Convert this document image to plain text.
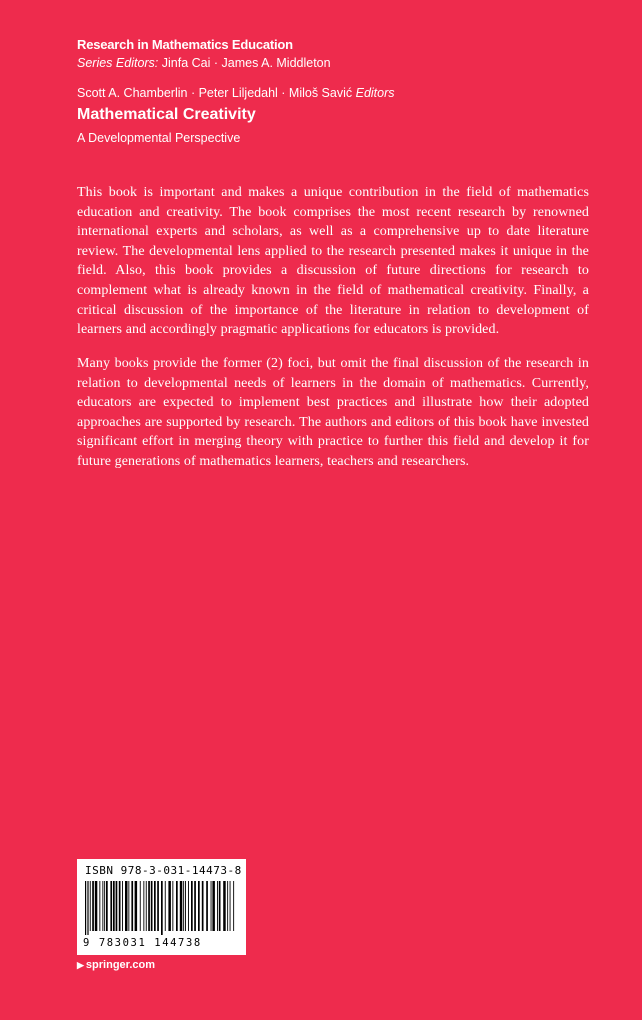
Research in Mathematics Education
Series Editors: Jinfa Cai · James A. Middleton
Scott A. Chamberlin · Peter Liljedahl · Miloš Savić Editors
Mathematical Creativity
A Developmental Perspective

This book is important and makes a unique contribution in the field of mathematics education and creativity. The book comprises the most recent research by renowned international experts and scholars, as well as a comprehensive up to date literature review. The developmental lens applied to the research presented makes it unique in the field. Also, this book provides a discussion of future directions for research to complement what is already known in the field of mathematical creativity. Finally, a critical discussion of the importance of the literature in relation to development of learners and accordingly pragmatic applications for educators is provided.

Many books provide the former (2) foci, but omit the final discussion of the research in relation to developmental needs of learners in the domain of mathematics. Currently, educators are expected to implement best practices and illustrate how their adopted approaches are supported by research. The authors and editors of this book have invested significant effort in merging theory with practice to further this field and develop it for future generations of mathematics learners, teachers and researchers.

ISBN 978-3-031-14473-8
9 783031 144738
▶ springer.com
